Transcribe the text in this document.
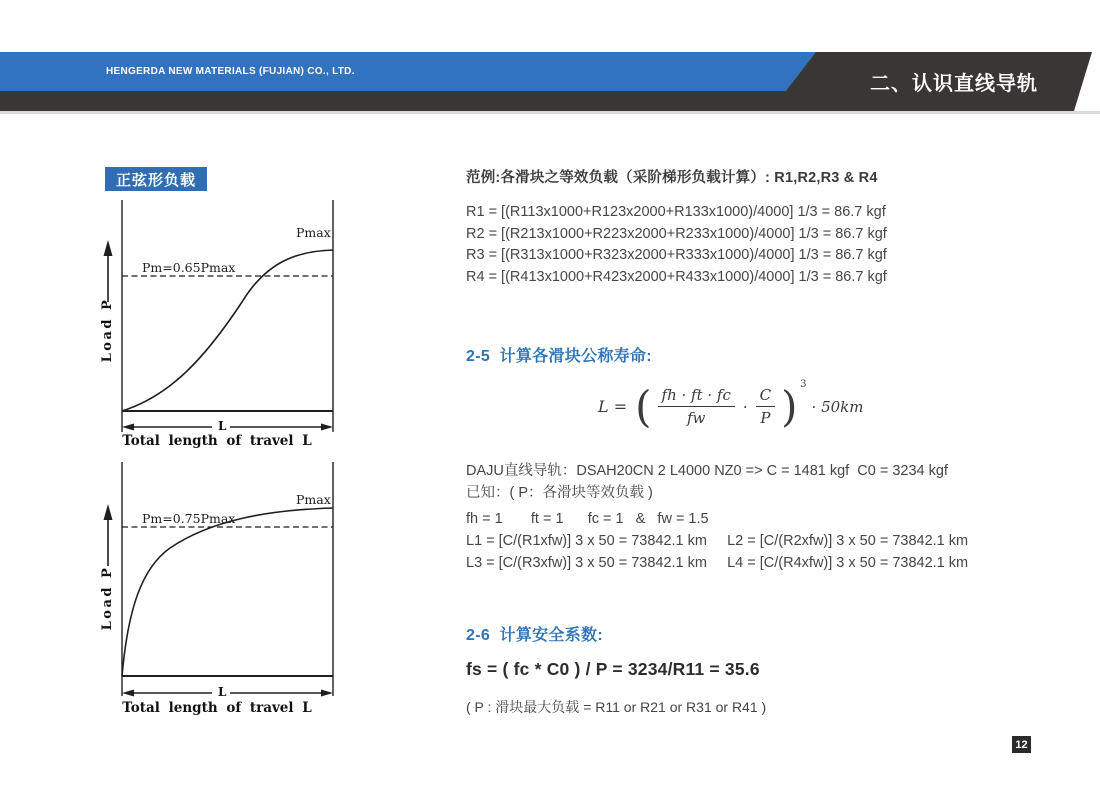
HENGERDA NEW MATERIALS (FUJIAN) CO., LTD.
二、认识直线导轨
正弦形负载
Pmax
Pm=0.65Pmax
Load P
L
Total length of travel L
Pmax
Pm=0.75Pmax
Load P
L
Total length of travel L
范例:各滑块之等效负载（采阶梯形负载计算）: R1,R2,R3 & R4
R1 = [(R113x1000+R123x2000+R133x1000)/4000] 1/3 = 86.7 kgf
R2 = [(R213x1000+R223x2000+R233x1000)/4000] 1/3 = 86.7 kgf
R3 = [(R313x1000+R323x2000+R333x1000)/4000] 1/3 = 86.7 kgf
R4 = [(R413x1000+R423x2000+R433x1000)/4000] 1/3 = 86.7 kgf
2-5  计算各滑块公称寿命:
L = ( $\frac{fh \cdot ft \cdot fc}{fw} \cdot \frac{C}{P}$ ) 3
· 50km
DAJU直线导轨：DSAH20CN 2 L4000 NZ0 => C = 1481 kgf  C0 = 3234 kgf
已知：( P：各滑块等效负载 )
fh = 1       ft = 1      fc = 1   &   fw = 1.5
L1 = [C/(R1xfw)] 3 x 50 = 73842.1 km     L2 = [C/(R2xfw)] 3 x 50 = 73842.1 km
L3 = [C/(R3xfw)] 3 x 50 = 73842.1 km     L4 = [C/(R4xfw)] 3 x 50 = 73842.1 km
2-6  计算安全系数:
fs = ( fc * C0 ) / P = 3234/R11 = 35.6
( P : 滑块最大负载 = R11 or R21 or R31 or R41 )
12
